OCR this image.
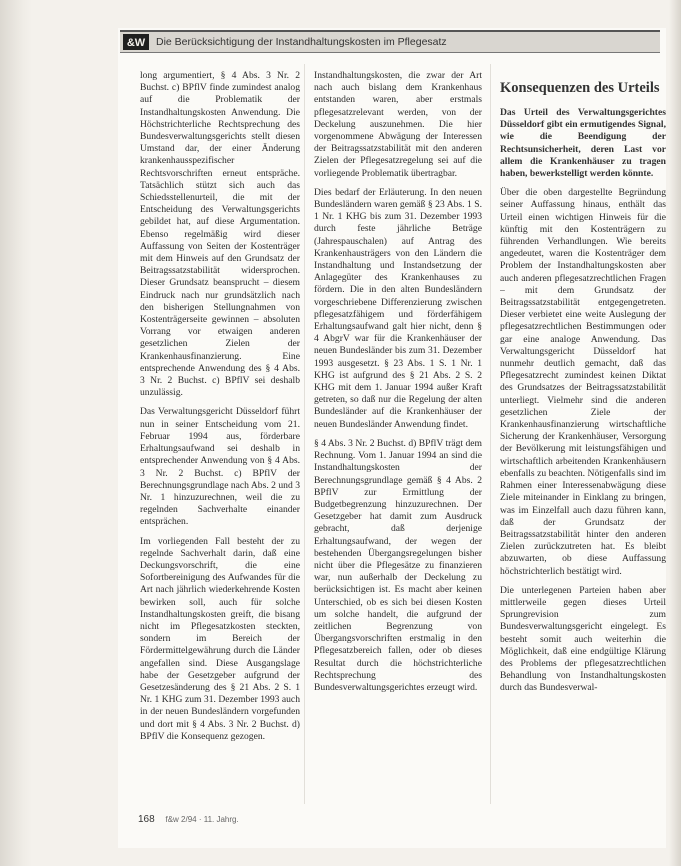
&W Die Berücksichtigung der Instandhaltungskosten im Pflegesatz

long argumentiert, § 4 Abs. 3 Nr. 2 Buchst. c) BPflV finde zumindest analog auf die Problematik der Instandhaltungskosten Anwendung. Die Höchstrichterliche Rechtsprechung des Bundesverwaltungsgerichts stellt diesen Umstand dar, der einer Änderung krankenhausspezifischer Rechtsvorschriften erneut entspräche. Tatsächlich stützt sich auch das Schiedsstellenurteil, die mit der Entscheidung des Verwaltungsgerichts gebildet hat, auf diese Argumentation. Ebenso regelmäßig wird dieser Auffassung von Seiten der Kostenträger mit dem Hinweis auf den Grundsatz der Beitragssatzstabilität widersprochen. Dieser Grundsatz beansprucht – diesem Eindruck nach nur grundsätzlich nach den bisherigen Stellungnahmen von Kostenträgerseite gewinnen – absoluten Vorrang vor etwaigen anderen gesetzlichen Zielen der Krankenhausfinanzierung. Eine entsprechende Anwendung des § 4 Abs. 3 Nr. 2 Buchst. c) BPflV sei deshalb unzulässig.

Das Verwaltungsgericht Düsseldorf führt nun in seiner Entscheidung vom 21. Februar 1994 aus, förderbare Erhaltungsaufwand sei deshalb in entsprechender Anwendung von § 4 Abs. 3 Nr. 2 Buchst. c) BPflV der Berechnungsgrundlage nach Abs. 2 und 3 Nr. 1 hinzuzurechnen, weil die zu regelnden Sachverhalte einander entsprächen.

Im vorliegenden Fall besteht der zu regelnde Sachverhalt darin, daß eine Deckungsvorschrift, die eine Sofortbereinigung des Aufwandes für die Art nach jährlich wiederkehrende Kosten bewirken soll, auch für solche Instandhaltungskosten greift, die bisang nicht im Pflegesatzkosten steckten, sondern im Bereich der Fördermittelgewährung durch die Länder angefallen sind. Diese Ausgangslage habe der Gesetzgeber aufgrund der Gesetzesänderung des § 21 Abs. 2 S. 1 Nr. 1 KHG zum 31. Dezember 1993 auch in der neuen Bundesländern vorgefunden und dort mit § 4 Abs. 3 Nr. 2 Buchst. d) BPflV die Konsequenz gezogen.

Instandhaltungskosten, die zwar der Art nach auch bislang dem Krankenhaus entstanden waren, aber erstmals pflegesatzrelevant werden, von der Deckelung auszunehmen. Die hier vorgenommene Abwägung der Interessen der Beitragssatzstabilität mit den anderen Zielen der Pflegesatzregelung sei auf die vorliegende Problematik übertragbar.

Dies bedarf der Erläuterung. In den neuen Bundesländern waren gemäß § 23 Abs. 1 S. 1 Nr. 1 KHG bis zum 31. Dezember 1993 durch feste jährliche Beträge (Jahrespauschalen) auf Antrag des Krankenhausträgers von den Ländern die Instandhaltung und Instandsetzung der Anlagegüter des Krankenhauses zu fördern. Die in den alten Bundesländern vorgeschriebene Differenzierung zwischen pflegesatzfähigem und förderfähigem Erhaltungsaufwand galt hier nicht, denn § 4 AbgrV war für die Krankenhäuser der neuen Bundesländer bis zum 31. Dezember 1993 ausgesetzt. § 23 Abs. 1 S. 1 Nr. 1 KHG ist aufgrund des § 21 Abs. 2 S. 2 KHG mit dem 1. Januar 1994 außer Kraft getreten, so daß nur die Regelung der alten Bundesländer auf die Krankenhäuser der neuen Bundesländer Anwendung findet.

§ 4 Abs. 3 Nr. 2 Buchst. d) BPflV trägt dem Rechnung. Vom 1. Januar 1994 an sind die Instandhaltungskosten der Berechnungsgrundlage gemäß § 4 Abs. 2 BPflV zur Ermittlung der Budgetbegrenzung hinzuzurechnen. Der Gesetzgeber hat damit zum Ausdruck gebracht, daß derjenige Erhaltungsaufwand, der wegen der bestehenden Übergangsregelungen bisher nicht über die Pflegesätze zu finanzieren war, nun außerhalb der Deckelung zu berücksichtigen ist. Es macht aber keinen Unterschied, ob es sich bei diesen Kosten um solche handelt, die aufgrund der zeitlichen Begrenzung von Übergangsvorschriften erstmalig in den Pflegesatzbereich fallen, oder ob dieses Resultat durch die höchstrichterliche Rechtsprechung des Bundesverwaltungsgerichtes erzeugt wird.

Konsequenzen des Urteils

Das Urteil des Verwaltungsgerichtes Düsseldorf gibt ein ermutigendes Signal, wie die Beendigung der Rechtsunsicherheit, deren Last vor allem die Krankenhäuser zu tragen haben, bewerkstelligt werden könnte.

Über die oben dargestellte Begründung seiner Auffassung hinaus, enthält das Urteil einen wichtigen Hinweis für die künftig mit den Kostenträgern zu führenden Verhandlungen. Wie bereits angedeutet, waren die Kostenträger dem Problem der Instandhaltungskosten aber auch anderen pflegesatzrechtlichen Fragen – mit dem Grundsatz der Beitragssatzstabilität entgegengetreten. Dieser verbietet eine weite Auslegung der pflegesatzrechtlichen Bestimmungen oder gar eine analoge Anwendung. Das Verwaltungsgericht Düsseldorf hat nunmehr deutlich gemacht, daß das Pflegesatzrecht zumindest keinen Diktat des Grundsatzes der Beitragssatzstabilität unterliegt. Vielmehr sind die anderen gesetzlichen Ziele der Krankenhausfinanzierung wirtschaftliche Sicherung der Krankenhäuser, Versorgung der Bevölkerung mit leistungsfähigen und wirtschaftlich arbeitenden Krankenhäusern ebenfalls zu beachten. Nötigenfalls sind im Rahmen einer Interessenabwägung diese Ziele miteinander in Einklang zu bringen, was im Einzelfall auch dazu führen kann, daß der Grundsatz der Beitragssatzstabilität hinter den anderen Zielen zurückzutreten hat. Es bleibt abzuwarten, ob diese Auffassung höchstrichterlich bestätigt wird.

Die unterlegenen Parteien haben aber mittlerweile gegen dieses Urteil Sprungrevision zum Bundesverwaltungsgericht eingelegt. Es besteht somit auch weiterhin die Möglichkeit, daß eine endgültige Klärung des Problems der pflegesatzrechtlichen Behandlung von Instandhaltungskosten durch das Bundesverwal-

168 f&w 2/94 · 11. Jahrg.
